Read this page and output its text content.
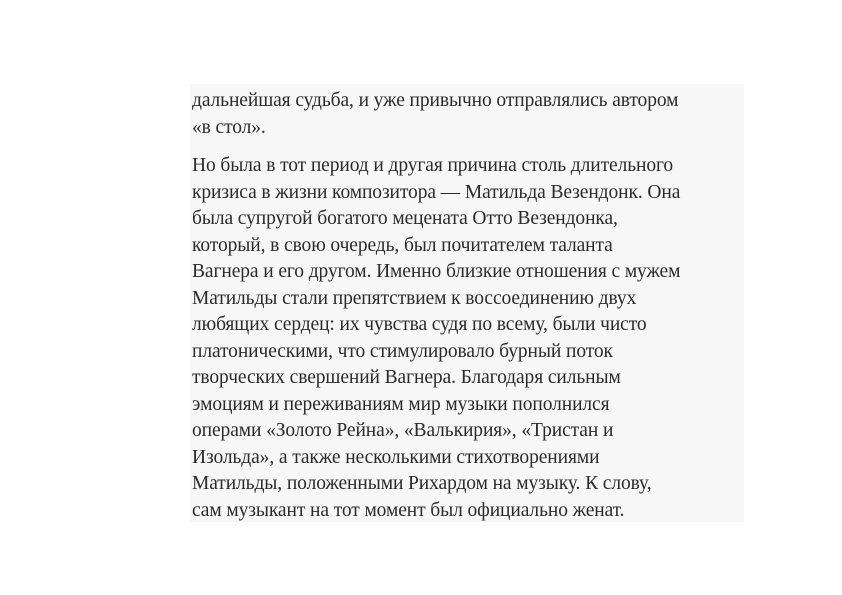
дальнейшая судьба, и уже привычно отправлялись автором
«в стол».

Но была в тот период и другая причина столь длительного
кризиса в жизни композитора — Матильда Везендонк. Она
была супругой богатого мецената Отто Везендонка,
который, в свою очередь, был почитателем таланта
Вагнера и его другом. Именно близкие отношения с мужем
Матильды стали препятствием к воссоединению двух
любящих сердец: их чувства судя по всему, были чисто
платоническими, что стимулировало бурный поток
творческих свершений Вагнера. Благодаря сильным
эмоциям и переживаниям мир музыки пополнился
операми «Золото Рейна», «Валькирия», «Тристан и
Изольда», а также несколькими стихотворениями
Матильды, положенными Рихардом на музыку. К слову,
сам музыкант на тот момент был официально женат.
